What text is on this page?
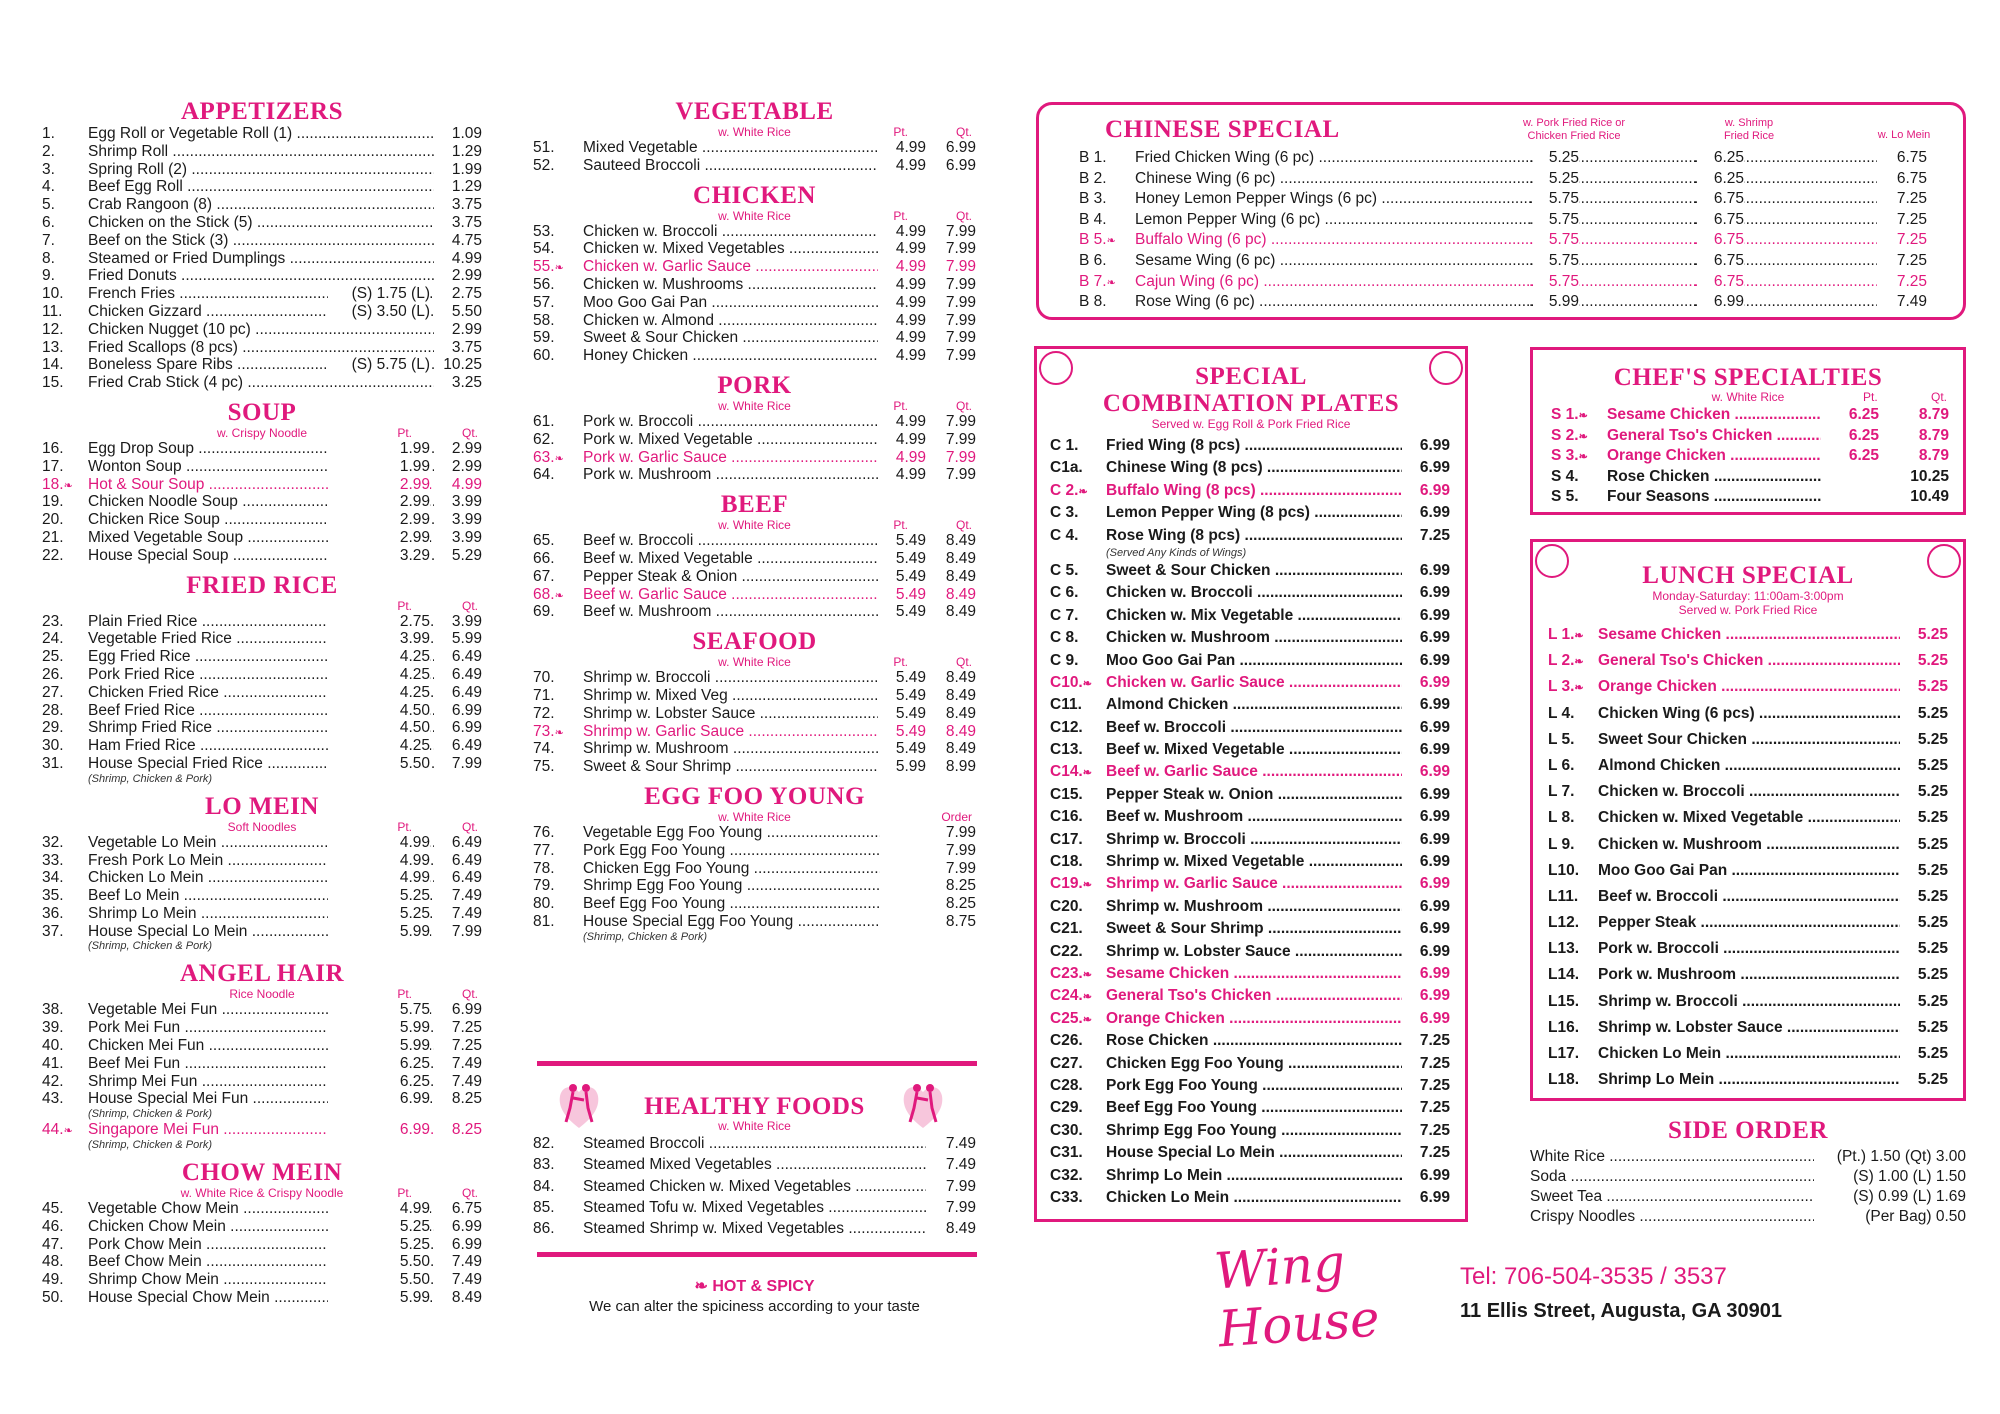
APPETIZERS
1. Egg Roll or Vegetable Roll (1) .....	1.09
2. Shrimp Roll .....	1.29
3. Spring Roll (2) .....	1.99
4. Beef Egg Roll .....	1.29
5. Crab Rangoon (8) .....	3.75
6. Chicken on the Stick (5) .....	3.75
7. Beef on the Stick (3) .....	4.75
8. Steamed or Fried Dumplings .....	4.99
9. Fried Donuts .....	2.99
10. French Fries .....	(S) 1.75 (L)	2.75
11. Chicken Gizzard .....	(S) 3.50 (L)	5.50
12. Chicken Nugget (10 pc) .....	2.99
13. Fried Scallops (8 pcs) .....	3.75
14. Boneless Spare Ribs .....	(S) 5.75 (L) 10.25
15. Fried Crab Stick (4 pc) .....	3.25
SOUP
w. Crispy Noodle	Pt.	Qt.
16. Egg Drop Soup .....	1.99	2.99
17. Wonton Soup .....	1.99	2.99
18.❧ Hot & Sour Soup .....	2.99	4.99
19. Chicken Noodle Soup .....	2.99	3.99
20. Chicken Rice Soup .....	2.99	3.99
21. Mixed Vegetable Soup .....	2.99	3.99
22. House Special Soup .....	3.29	5.29
FRIED RICE
Pt.	Qt.
23. Plain Fried Rice .....	2.75	3.99
24. Vegetable Fried Rice .....	3.99	5.99
25. Egg Fried Rice .....	4.25	6.49
26. Pork Fried Rice .....	4.25	6.49
27. Chicken Fried Rice .....	4.25	6.49
28. Beef Fried Rice .....	4.50	6.99
29. Shrimp Fried Rice .....	4.50	6.99
30. Ham Fried Rice .....	4.25	6.49
31. House Special Fried Rice .....	5.50	7.99
(Shrimp, Chicken & Pork)
LO MEIN
Soft Noodles	Pt.	Qt.
32. Vegetable Lo Mein .....	4.99	6.49
33. Fresh Pork Lo Mein .....	4.99	6.49
34. Chicken Lo Mein .....	4.99	6.49
35. Beef Lo Mein .....	5.25	7.49
36. Shrimp Lo Mein .....	5.25	7.49
37. House Special Lo Mein .....	5.99	7.99
(Shrimp, Chicken & Pork)
ANGEL HAIR
Rice Noodle	Pt.	Qt.
38. Vegetable Mei Fun .....	5.75	6.99
39. Pork Mei Fun .....	5.99	7.25
40. Chicken Mei Fun .....	5.99	7.25
41. Beef Mei Fun .....	6.25	7.49
42. Shrimp Mei Fun .....	6.25	7.49
43. House Special Mei Fun .....	6.99	8.25
(Shrimp, Chicken & Pork)
44.❧ Singapore Mei Fun .....	6.99	8.25
(Shrimp, Chicken & Pork)
CHOW MEIN
w. White Rice & Crispy Noodle	Pt.	Qt.
45. Vegetable Chow Mein .....	4.99	6.75
46. Chicken Chow Mein .....	5.25	6.99
47. Pork Chow Mein .....	5.25	6.99
48. Beef Chow Mein .....	5.50	7.49
49. Shrimp Chow Mein .....	5.50	7.49
50. House Special Chow Mein .....	5.99	8.49
VEGETABLE
w. White Rice	Pt.	Qt.
51. Mixed Vegetable .....	4.99	6.99
52. Sauteed Broccoli .....	4.99	6.99
CHICKEN
w. White Rice	Pt.	Qt.
53. Chicken w. Broccoli .....	4.99	7.99
54. Chicken w. Mixed Vegetables .....	4.99	7.99
55.❧	Chicken w. Garlic Sauce .....	4.99	7.99
56. Chicken w. Mushrooms .....	4.99	7.99
57. Moo Goo Gai Pan .....	4.99	7.99
58. Chicken w. Almond .....	4.99	7.99
59. Sweet & Sour Chicken .....	4.99	7.99
60. Honey Chicken .....	4.99	7.99
PORK
w. White Rice	Pt.	Qt.
61. Pork w. Broccoli .....	4.99	7.99
62. Pork w. Mixed Vegetable .....	4.99	7.99
63.❧	Pork w. Garlic Sauce .....	4.99	7.99
64. Pork w. Mushroom .....	4.99	7.99
BEEF
w. White Rice	Pt.	Qt.
65. Beef w. Broccoli .....	5.49	8.49
66. Beef w. Mixed Vegetable .....	5.49	8.49
67. Pepper Steak & Onion .....	5.49	8.49
68.❧	Beef w. Garlic Sauce .....	5.49	8.49
69. Beef w. Mushroom .....	5.49	8.49
SEAFOOD
w. White Rice	Pt.	Qt.
70. Shrimp w. Broccoli .....	5.49	8.49
71. Shrimp w. Mixed Veg .....	5.49	8.49
72. Shrimp w. Lobster Sauce .....	5.49	8.49
73.❧	Shrimp w. Garlic Sauce .....	5.49	8.49
74. Shrimp w. Mushroom .....	5.49	8.49
75. Sweet & Sour Shrimp .....	5.99	8.99
EGG FOO YOUNG
w. White Rice	Order
76. Vegetable Egg Foo Young .....	7.99
77. Pork Egg Foo Young .....	7.99
78. Chicken Egg Foo Young .....	7.99
79. Shrimp Egg Foo Young .....	8.25
80. Beef Egg Foo Young .....	8.25
81. House Special Egg Foo Young .....	8.75
(Shrimp, Chicken & Pork)
HEALTHY FOODS
w. White Rice
82. Steamed Broccoli .....	7.49
83. Steamed Mixed Vegetables .....	7.49
84. Steamed Chicken w. Mixed Vegetables .....	7.99
85. Steamed Tofu w. Mixed Vegetables .....	7.99
86. Steamed Shrimp w. Mixed Vegetables .....	8.49
❧ HOT & SPICY
We can alter the spiciness according to your taste
CHINESE SPECIAL	w. Pork Fried Rice or
Chicken Fried Rice
w. Shrimp
Fried Rice	w. Lo Mein
B 1. Fried Chicken Wing (6 pc) ..... ..... .....	5.25	6.25	6.75
B 2. Chinese Wing (6 pc) ..... ..... .....	5.25	6.25	6.75
B 3. Honey Lemon Pepper Wings (6 pc) ..... ..... .....	5.75	6.75	7.25
B 4. Lemon Pepper Wing (6 pc) ..... ..... .....	5.75	6.75	7.25
B 5.❧	Buffalo Wing (6 pc) ..... ..... .....	5.75	6.75	7.25
B 6. Sesame Wing (6 pc) ..... ..... .....	5.75	6.75	7.25
B 7.❧	Cajun Wing (6 pc) ..... ..... .....	5.75	6.75	7.25
B 8. Rose Wing (6 pc) ..... ..... .....	5.99	6.99	7.49
SPECIAL
COMBINATION PLATES
Served w. Egg Roll & Pork Fried Rice
C 1. Fried Wing (8 pcs) .....	6.99
C1a. Chinese Wing (8 pcs) .....	6.99
C 2.❧	Buffalo Wing (8 pcs) .....	6.99
C 3. Lemon Pepper Wing (8 pcs) .....	6.99
C 4. Rose Wing (8 pcs) .....	7.25
(Served Any Kinds of Wings)
C 5. Sweet & Sour Chicken .....	6.99
C 6. Chicken w. Broccoli .....	6.99
C 7. Chicken w. Mix Vegetable .....	6.99
C 8. Chicken w. Mushroom .....	6.99
C 9. Moo Goo Gai Pan .....	6.99
C10.❧ Chicken w. Garlic Sauce .....	6.99
C11. Almond Chicken .....	6.99
C12. Beef w. Broccoli .....	6.99
C13. Beef w. Mixed Vegetable .....	6.99
C14.❧ Beef w. Garlic Sauce .....	6.99
C15. Pepper Steak w. Onion .....	6.99
C16. Beef w. Mushroom .....	6.99
C17. Shrimp w. Broccoli .....	6.99
C18. Shrimp w. Mixed Vegetable .....	6.99
C19.❧ Shrimp w. Garlic Sauce .....	6.99
C20. Shrimp w. Mushroom .....	6.99
C21. Sweet & Sour Shrimp .....	6.99
C22. Shrimp w. Lobster Sauce .....	6.99
C23.❧ Sesame Chicken .....	6.99
C24.❧ General Tso's Chicken .....	6.99
C25.❧ Orange Chicken .....	6.99
C26. Rose Chicken .....	7.25
C27. Chicken Egg Foo Young .....	7.25
C28. Pork Egg Foo Young .....	7.25
C29. Beef Egg Foo Young .....	7.25
C30. Shrimp Egg Foo Young .....	7.25
C31. House Special Lo Mein .....	7.25
C32. Shrimp Lo Mein .....	6.99
C33. Chicken Lo Mein .....	6.99
CHEF'S SPECIALTIES
w. White Rice	Pt.	Qt.
S 1.❧	Sesame Chicken .....	6.25	8.79
S 2.❧	General Tso's Chicken .....	6.25	8.79
S 3.❧	Orange Chicken .....	6.25	8.79
S 4. Rose Chicken .....	10.25
S 5. Four Seasons .....	10.49
LUNCH SPECIAL
Monday-Saturday: 11:00am-3:00pm
Served w. Pork Fried Rice
L 1.❧ Sesame Chicken .....	5.25
L 2.❧ General Tso's Chicken .....	5.25
L 3.❧ Orange Chicken .....	5.25
L 4. Chicken Wing (6 pcs) .....	5.25
L 5. Sweet Sour Chicken .....	5.25
L 6. Almond Chicken .....	5.25
L 7. Chicken w. Broccoli .....	5.25
L 8. Chicken w. Mixed Vegetable .....	5.25
L 9. Chicken w. Mushroom .....	5.25
L10. Moo Goo Gai Pan .....	5.25
L11. Beef w. Broccoli .....	5.25
L12. Pepper Steak .....	5.25
L13. Pork w. Broccoli .....	5.25
L14. Pork w. Mushroom .....	5.25
L15. Shrimp w. Broccoli .....	5.25
L16. Shrimp w. Lobster Sauce .....	5.25
L17. Chicken Lo Mein .....	5.25
L18. Shrimp Lo Mein .....	5.25
SIDE ORDER
White Rice .....	(Pt.) 1.50 (Qt) 3.00
Soda .....	(S) 1.00 (L) 1.50
Sweet Tea .....	(S) 0.99 (L) 1.69
Crispy Noodles .....	(Per Bag) 0.50
Wing House
Tel: 706-504-3535 / 3537
11 Ellis Street, Augusta, GA 30901
